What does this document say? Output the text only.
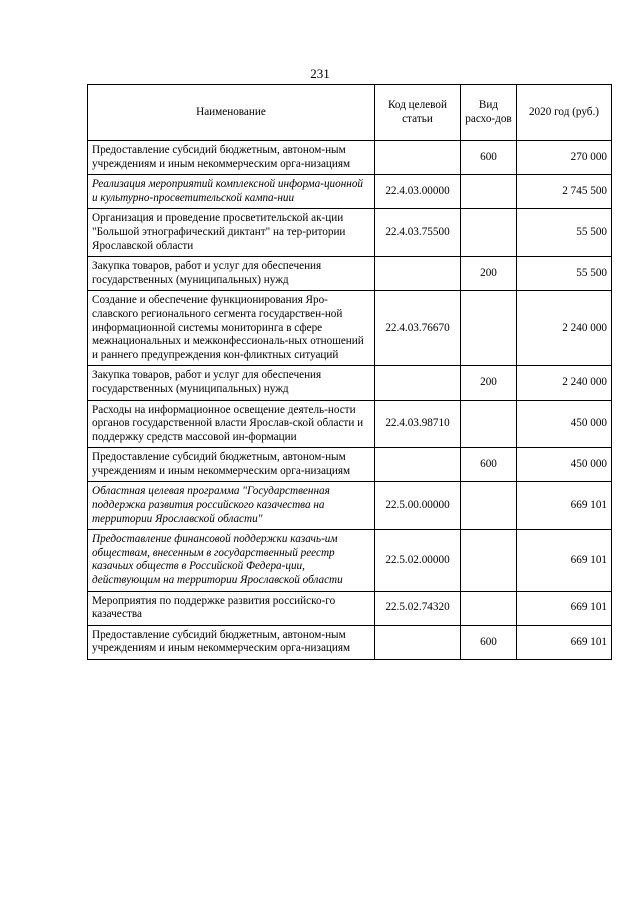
231
Наименование	Код целевой статьи	Вид расхо-дов	2020 год (руб.)
Предоставление субсидий бюджетным, автоном-ным учреждениям и иным некоммерческим орга-низациям		600	270 000
Реализация мероприятий комплексной информа-ционной и культурно-просветительской кампа-нии	22.4.03.00000		2 745 500
Организация и проведение просветительской ак-ции "Большой этнографический диктант" на тер-ритории Ярославской области	22.4.03.75500		55 500
Закупка товаров, работ и услуг для обеспечения государственных (муниципальных) нужд		200	55 500
Создание и обеспечение функционирования Яро-славского регионального сегмента государствен-ной информационной системы мониторинга в сфере межнациональных и межконфессиональ-ных отношений и раннего предупреждения кон-фликтных ситуаций	22.4.03.76670		2 240 000
Закупка товаров, работ и услуг для обеспечения государственных (муниципальных) нужд		200	2 240 000
Расходы на информационное освещение деятель-ности органов государственной власти Ярослав-ской области и поддержку средств массовой ин-формации	22.4.03.98710		450 000
Предоставление субсидий бюджетным, автоном-ным учреждениям и иным некоммерческим орга-низациям		600	450 000
Областная целевая программа "Государственная поддержка развития российского казачества на территории Ярославской области"	22.5.00.00000		669 101
Предоставление финансовой поддержки казачь-им обществам, внесенным в государственный реестр казачьих обществ в Российской Федера-ции, действующим на территории Ярославской области	22.5.02.00000		669 101
Мероприятия по поддержке развития российско-го казачества	22.5.02.74320		669 101
Предоставление субсидий бюджетным, автоном-ным учреждениям и иным некоммерческим орга-низациям		600	669 101
